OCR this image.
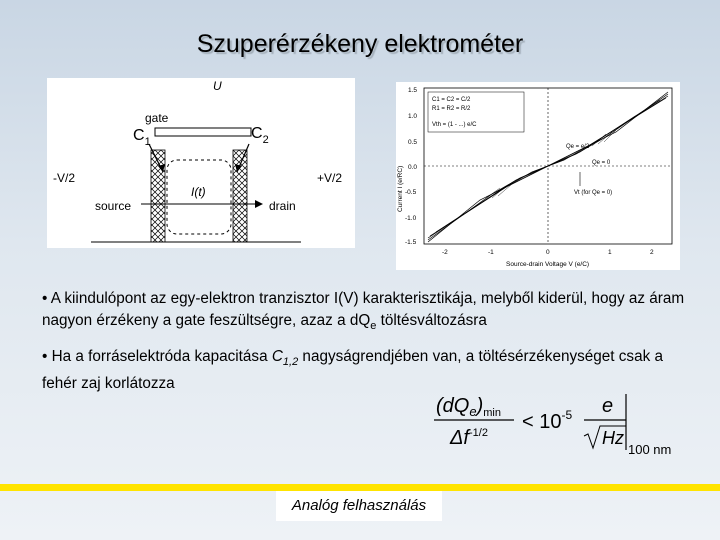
Szuperérzékeny elektrométer
U
gate
$C_1$	$C_2$
-V/2	+V/2
I(t)
source	drain
C1 = C2 = C/2
R1 = R2 = R/2
Vth = (1 - ...) e/C
Qe = e/2
Qe = 0
Vt (for Qe = 0)
-2	-1	0	1	2
1.5
1.0
0.5
0.0
-0.5
-1.0
-1.5
Source-drain Voltage V (e/C)
Current I (e/RC)
• A kiindulópont az egy-elektron tranzisztor I(V) karakterisztikája, melyből kiderül, hogy az áram nagyon érzékeny a gate feszültségre, azaz a $dQ_e$ töltésváltozásra
• Ha a forráselektróda kapacitása $C_{1,2}$ nagyságrendjében van, a töltésérzékenységet csak a fehér zaj korlátozza
$(dQ_e)_{min}$
$\Delta f^{-1/2} < 10^{-5}$ e
Hz
100 nm
Analóg felhasználás
